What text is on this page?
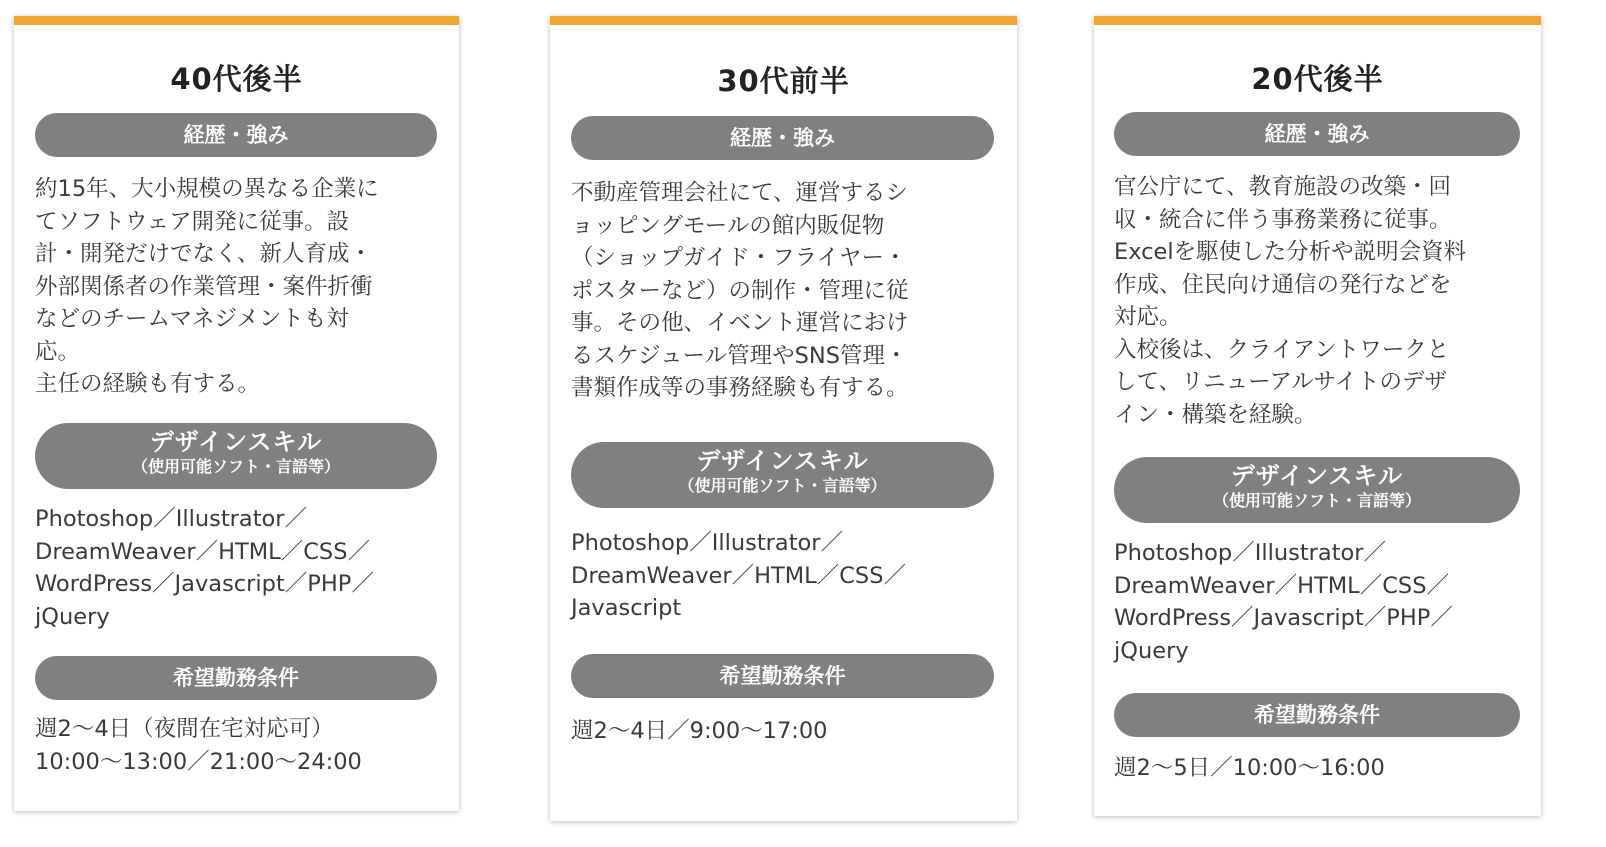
40代後半
経歴・強み
約15年、大小規模の異なる企業に
てソフトウェア開発に従事。設
計・開発だけでなく、新人育成・
外部関係者の作業管理・案件折衝
などのチームマネジメントも対
応。
主任の経験も有する。
デザインスキル
（使用可能ソフト・言語等）
Photoshop／Illustrator／
DreamWeaver／HTML／CSS／
WordPress／Javascript／PHP／
jQuery
希望勤務条件
週2〜4日（夜間在宅対応可）
10:00〜13:00／21:00〜24:00
30代前半
経歴・強み
不動産管理会社にて、運営するシ
ョッピングモールの館内販促物
（ショップガイド・フライヤー・
ポスターなど）の制作・管理に従
事。その他、イベント運営におけ
るスケジュール管理やSNS管理・
書類作成等の事務経験も有する。
デザインスキル
（使用可能ソフト・言語等）
Photoshop／Illustrator／
DreamWeaver／HTML／CSS／
Javascript
希望勤務条件
週2〜4日／9:00〜17:00
20代後半
経歴・強み
官公庁にて、教育施設の改築・回
収・統合に伴う事務業務に従事。
Excelを駆使した分析や説明会資料
作成、住民向け通信の発行などを
対応。
入校後は、クライアントワークと
して、リニューアルサイトのデザ
イン・構築を経験。
デザインスキル
（使用可能ソフト・言語等）
Photoshop／Illustrator／
DreamWeaver／HTML／CSS／
WordPress／Javascript／PHP／
jQuery
希望勤務条件
週2〜5日／10:00〜16:00
